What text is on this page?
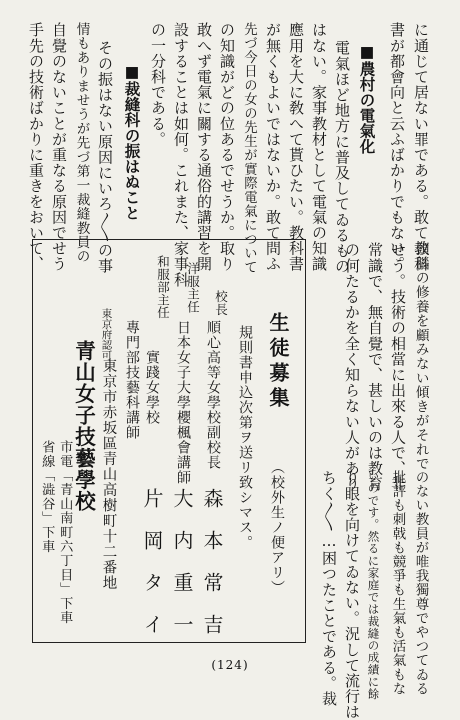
に通じて居ない罪である。敢て教科
書が都會向と云ふばかりでもない。
■農村の電氣化
電氣ほど地方に普及してゐるもの
はない。家事教材として電氣の知識
應用を大に敎へて貰ひたい。教科書
が無くもよいではないか。敢て問ふ
先づ今日の女の先生が實際電氣について
の知識がどの位あるでせうか。取り
敢へず電氣に關する通俗的講習を開
設することは如何。これまた、家事科
の一分科である。
■裁縫科の振はぬこと
その振はない原因にいろ〳〵の事
情もありませうが先づ第一裁縫教員の
自覺のないことが重なる原因でせう
手先の技術ばかりに重きをおいて、
頭腦の修養を顧みない傾きがそれで
せう。技術の相當に出來る人で、非
常識で、無自覺で、甚しいのは教育
の何たるかを全く知らない人があり
のない教員が唯我獨尊でやつてゐる
批評も刺戟も競爭も生氣も活氣もな
いのです。然るに家庭では裁縫の成績に餘
り眼を向けてゐない。況して流行は
ちく〳〵…困つたことである。裁
生徒募集
（校外生ノ便アリ）
規則書申込次第ヲ送リ致シマス。
校長
順心高等女學校副校長
森本常吉
洋服主任
日本女子大學櫻楓會講師
大内重一
和服部主任
實踐女學校
專門部技藝科講師
片岡タイ
東京府認可
東京市赤坂區青山高樹町十二番地
青山女子技藝學校
市電「青山南町六丁目」下車
省線「澁谷」下車
(124)
